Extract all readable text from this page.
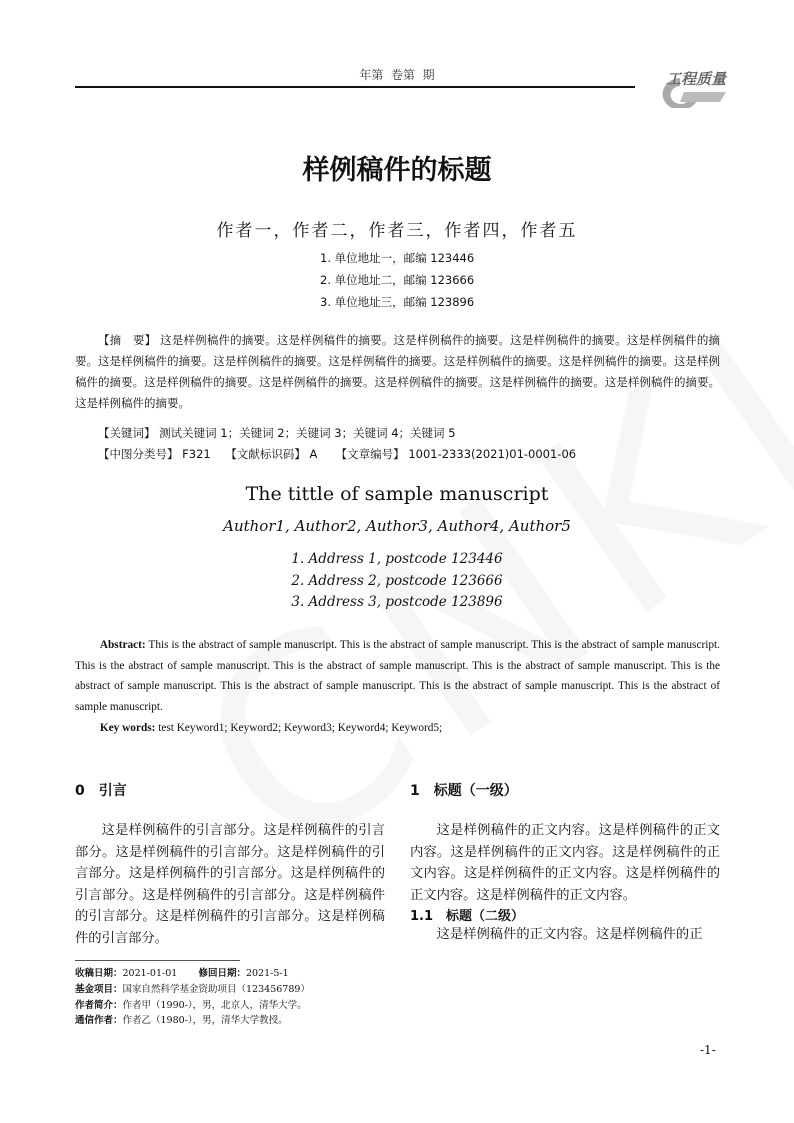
年第  卷第  期	工程质量
样例稿件的标题
作者一，作者二，作者三，作者四，作者五
1. 单位地址一，邮编 123446
2. 单位地址二，邮编 123666
3. 单位地址三，邮编 123896
【摘　要】 这是样例稿件的摘要。这是样例稿件的摘要。这是样例稿件的摘要。这是样例稿件的摘要。这是样例稿件的摘要。这是样例稿件的摘要。这是样例稿件的摘要。这是样例稿件的摘要。这是样例稿件的摘要。这是样例稿件的摘要。这是样例稿件的摘要。这是样例稿件的摘要。这是样例稿件的摘要。这是样例稿件的摘要。这是样例稿件的摘要。这是样例稿件的摘要。这是样例稿件的摘要。
【关键词】 测试关键词 1；关键词 2；关键词 3；关键词 4；关键词 5
【中图分类号】 F321 【文献标识码】 A 【文章编号】 1001-2333(2021)01-0001-06
The tittle of sample manuscript
Author1, Author2, Author3, Author4, Author5
1. Address 1, postcode 123446
2. Address 2, postcode 123666
3. Address 3, postcode 123896
Abstract: This is the abstract of sample manuscript. This is the abstract of sample manuscript. This is the abstract of sample manuscript. This is the abstract of sample manuscript. This is the abstract of sample manuscript. This is the abstract of sample manuscript. This is the abstract of sample manuscript. This is the abstract of sample manuscript. This is the abstract of sample manuscript. This is the abstract of sample manuscript.
Key words: test Keyword1; Keyword2; Keyword3; Keyword4; Keyword5;
0　引言
这是样例稿件的引言部分。这是样例稿件的引言部分。这是样例稿件的引言部分。这是样例稿件的引言部分。这是样例稿件的引言部分。这是样例稿件的引言部分。这是样例稿件的引言部分。这是样例稿件的引言部分。这是样例稿件的引言部分。这是样例稿件的引言部分。
1　标题（一级）
这是样例稿件的正文内容。这是样例稿件的正文内容。这是样例稿件的正文内容。这是样例稿件的正文内容。这是样例稿件的正文内容。这是样例稿件的正文内容。这是样例稿件的正文内容。
1.1　标题（二级）
这是样例稿件的正文内容。这是样例稿件的正
收稿日期：2021-01-01 修回日期：2021-5-1
基金项目：国家自然科学基金资助项目（123456789）
作者简介：作者甲（1990-），男，北京人，清华大学。
通信作者：作者乙（1980-），男，清华大学教授。
-1-
